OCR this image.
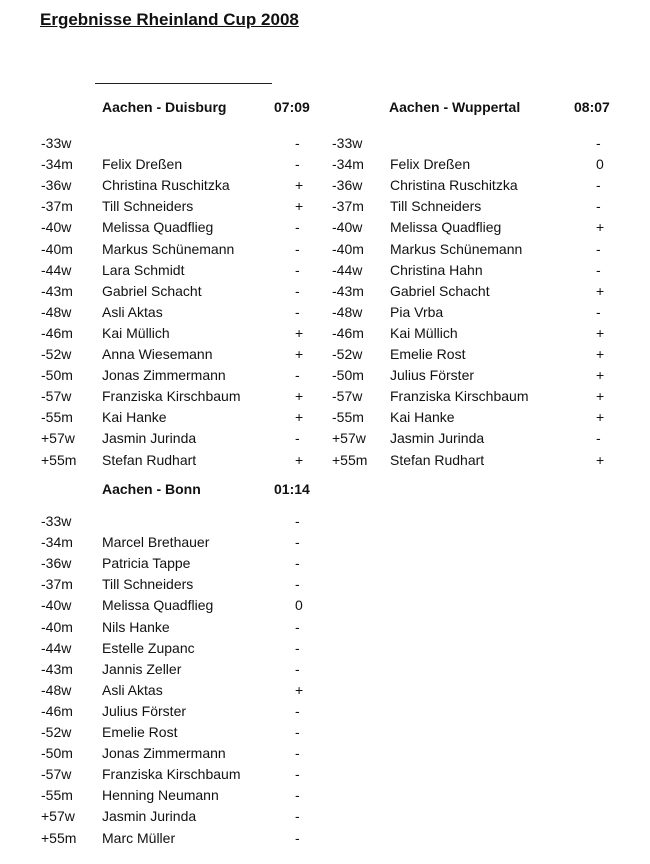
Ergebnisse Rheinland Cup 2008
Aachen - Duisburg	07:09
-33w	-
-34m Felix Dreßen	-
-36w Christina Ruschitzka	+
-37m Till Schneiders	+
-40w Melissa Quadflieg	-
-40m Markus Schünemann	-
-44w Lara Schmidt	-
-43m Gabriel Schacht	-
-48w Asli Aktas	-
-46m Kai Müllich	+
-52w Anna Wiesemann	+
-50m Jonas Zimmermann	-
-57w Franziska Kirschbaum	+
-55m Kai Hanke	+
+57w Jasmin Jurinda	-
+55m Stefan Rudhart	+
Aachen - Wuppertal	08:07
-33w	-
-34m Felix Dreßen	0
-36w Christina Ruschitzka	-
-37m Till Schneiders	-
-40w Melissa Quadflieg	+
-40m Markus Schünemann	-
-44w Christina Hahn	-
-43m Gabriel Schacht	+
-48w Pia Vrba	-
-46m Kai Müllich	+
-52w Emelie Rost	+
-50m Julius Förster	+
-57w Franziska Kirschbaum	+
-55m Kai Hanke	+
+57w Jasmin Jurinda	-
+55m Stefan Rudhart	+
Aachen - Bonn	01:14
-33w	-
-34m Marcel Brethauer	-
-36w Patricia Tappe	-
-37m Till Schneiders	-
-40w Melissa Quadflieg	0
-40m Nils Hanke	-
-44w Estelle Zupanc	-
-43m Jannis Zeller	-
-48w Asli Aktas	+
-46m Julius Förster	-
-52w Emelie Rost	-
-50m Jonas Zimmermann	-
-57w Franziska Kirschbaum	-
-55m Henning Neumann	-
+57w Jasmin Jurinda	-
+55m Marc Müller	-
